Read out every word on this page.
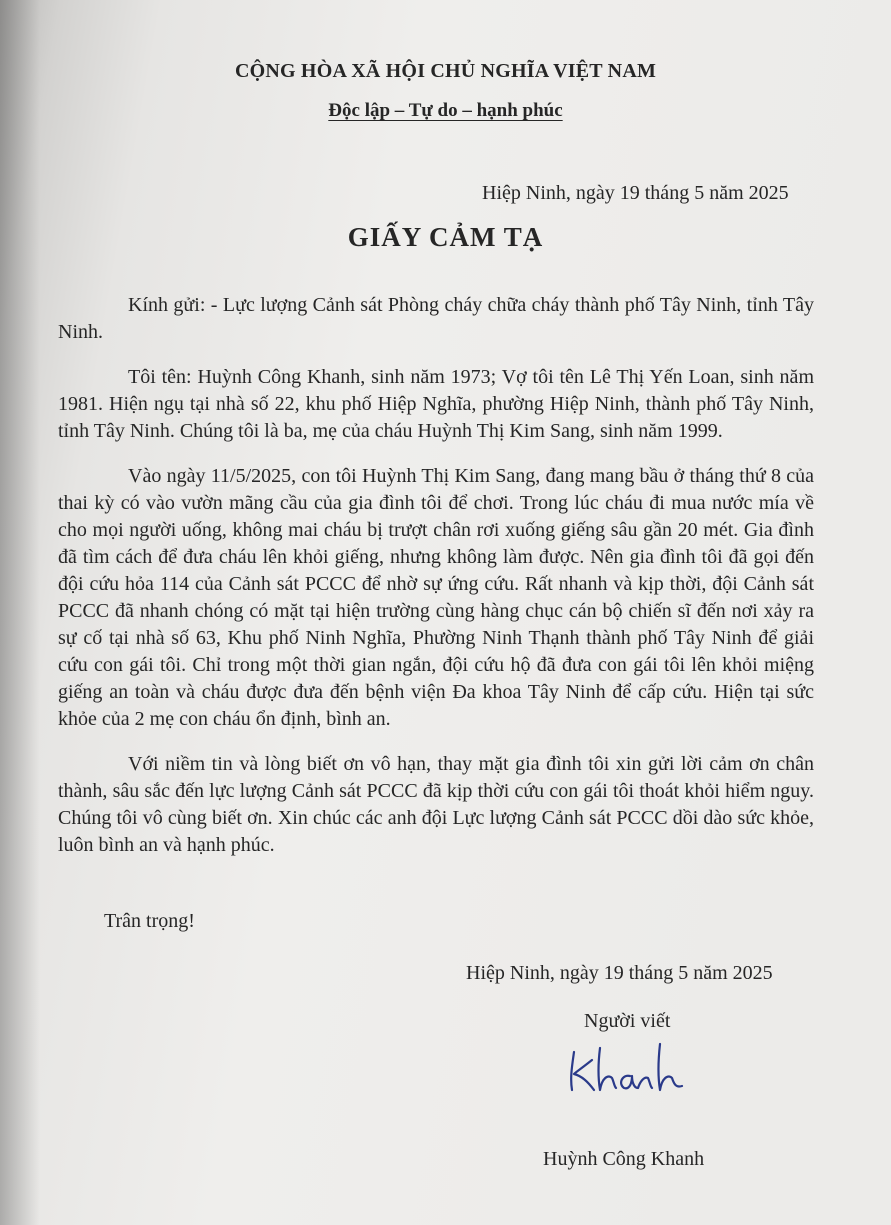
CỘNG HÒA XÃ HỘI CHỦ NGHĨA VIỆT NAM
Độc lập – Tự do – hạnh phúc
Hiệp Ninh, ngày 19 tháng 5 năm 2025
GIẤY CẢM TẠ

Kính gửi: - Lực lượng Cảnh sát Phòng cháy chữa cháy thành phố Tây Ninh, tỉnh Tây Ninh.

Tôi tên: Huỳnh Công Khanh, sinh năm 1973; Vợ tôi tên Lê Thị Yến Loan, sinh năm 1981. Hiện ngụ tại nhà số 22, khu phố Hiệp Nghĩa, phường Hiệp Ninh, thành phố Tây Ninh, tỉnh Tây Ninh. Chúng tôi là ba, mẹ của cháu Huỳnh Thị Kim Sang, sinh năm 1999.

Vào ngày 11/5/2025, con tôi Huỳnh Thị Kim Sang, đang mang bầu ở tháng thứ 8 của thai kỳ có vào vườn mãng cầu của gia đình tôi để chơi. Trong lúc cháu đi mua nước mía về cho mọi người uống, không mai cháu bị trượt chân rơi xuống giếng sâu gần 20 mét. Gia đình đã tìm cách để đưa cháu lên khỏi giếng, nhưng không làm được. Nên gia đình tôi đã gọi đến đội cứu hỏa 114 của Cảnh sát PCCC để nhờ sự ứng cứu. Rất nhanh và kịp thời, đội Cảnh sát PCCC đã nhanh chóng có mặt tại hiện trường cùng hàng chục cán bộ chiến sĩ đến nơi xảy ra sự cố tại nhà số 63, Khu phố Ninh Nghĩa, Phường Ninh Thạnh thành phố Tây Ninh để giải cứu con gái tôi. Chỉ trong một thời gian ngắn, đội cứu hộ đã đưa con gái tôi lên khỏi miệng giếng an toàn và cháu được đưa đến bệnh viện Đa khoa Tây Ninh để cấp cứu. Hiện tại sức khỏe của 2 mẹ con cháu ổn định, bình an.

Với niềm tin và lòng biết ơn vô hạn, thay mặt gia đình tôi xin gửi lời cảm ơn chân thành, sâu sắc đến lực lượng Cảnh sát PCCC đã kịp thời cứu con gái tôi thoát khỏi hiểm nguy. Chúng tôi vô cùng biết ơn. Xin chúc các anh đội Lực lượng Cảnh sát PCCC dồi dào sức khỏe, luôn bình an và hạnh phúc.

Trân trọng!
Hiệp Ninh, ngày 19 tháng 5 năm 2025
Người viết
Huỳnh Công Khanh
